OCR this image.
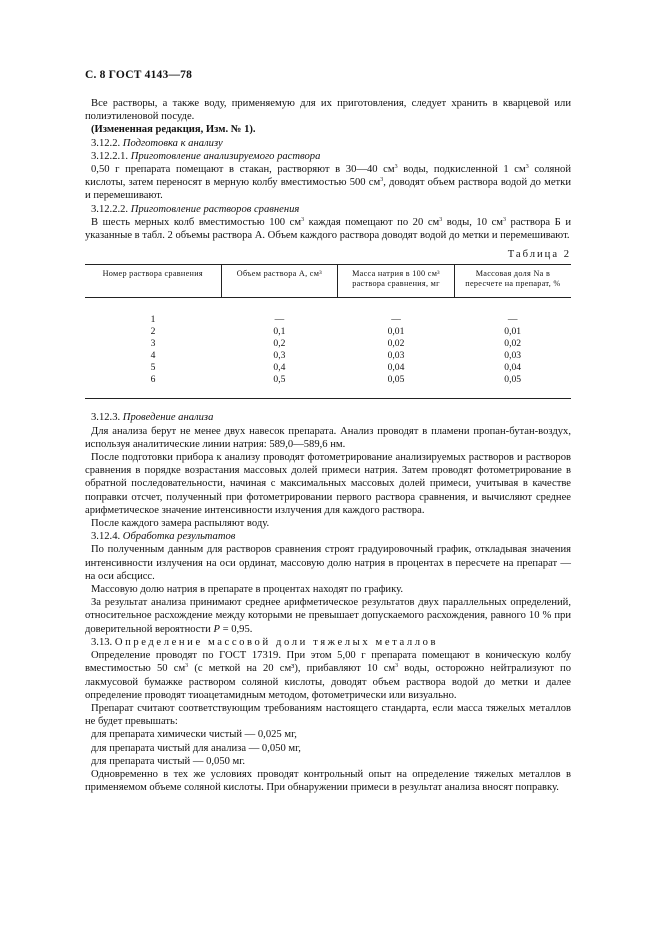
С. 8 ГОСТ 4143—78

Все растворы, а также воду, применяемую для их приготовления, следует хранить в кварцевой или полиэтиленовой посуде.

(Измененная редакция, Изм. № 1).

3.12.2. Подготовка к анализу

3.12.2.1. Приготовление анализируемого раствора

0,50 г препарата помещают в стакан, растворяют в 30—40 $см^3$ воды, подкисленной 1 $см^3$ соляной кислоты, затем переносят в мерную колбу вместимостью 500 $см^3$, доводят объем раствора водой до метки и перемешивают.

3.12.2.2. Приготовление растворов сравнения

В шесть мерных колб вместимостью 100 $см^3$ каждая помещают по 20 $см^3$ воды, 10 $см^3$ раствора Б и указанные в табл. 2 объемы раствора А. Объем каждого раствора доводят водой до метки и перемешивают.

Таблица 2
Номер раствора сравнения	Объем раствора А, см³	Масса натрия в 100 см³ раствора сравнения, мг	Массовая доля Na в пересчете на препарат, %
1	—	—	—
2	0,1	0,01	0,01
3	0,2	0,02	0,02
4	0,3	0,03	0,03
5	0,4	0,04	0,04
6	0,5	0,05	0,05

3.12.3. Проведение анализа

Для анализа берут не менее двух навесок препарата. Анализ проводят в пламени пропан-бутан-воздух, используя аналитические линии натрия: 589,0—589,6 нм.

После подготовки прибора к анализу проводят фотометрирование анализируемых растворов и растворов сравнения в порядке возрастания массовых долей примеси натрия. Затем проводят фотометрирование в обратной последовательности, начиная с максимальных массовых долей примеси, учитывая в качестве поправки отсчет, полученный при фотометрировании первого раствора сравнения, и вычисляют среднее арифметическое значение интенсивности излучения для каждого раствора.

После каждого замера распыляют воду.

3.12.4. Обработка результатов

По полученным данным для растворов сравнения строят градуировочный график, откладывая значения интенсивности излучения на оси ординат, массовую долю натрия в процентах в пересчете на препарат — на оси абсцисс.

Массовую долю натрия в препарате в процентах находят по графику.

За результат анализа принимают среднее арифметическое результатов двух параллельных определений, относительное расхождение между которыми не превышает допускаемого расхождения, равного 10 % при доверительной вероятности P = 0,95.

3.13. Определение массовой доли тяжелых металлов

Определение проводят по ГОСТ 17319. При этом 5,00 г препарата помещают в коническую колбу вместимостью 50 $см^3$ (с меткой на 20 см³), прибавляют 10 $см^3$ воды, осторожно нейтрализуют по лакмусовой бумажке раствором соляной кислоты, доводят объем раствора водой до метки и далее определение проводят тиоацетамидным методом, фотометрически или визуально.

Препарат считают соответствующим требованиям настоящего стандарта, если масса тяжелых металлов не будет превышать:

для препарата химически чистый — 0,025 мг,

для препарата чистый для анализа — 0,050 мг,

для препарата чистый — 0,050 мг.

Одновременно в тех же условиях проводят контрольный опыт на определение тяжелых металлов в применяемом объеме соляной кислоты. При обнаружении примеси в результат анализа вносят поправку.
